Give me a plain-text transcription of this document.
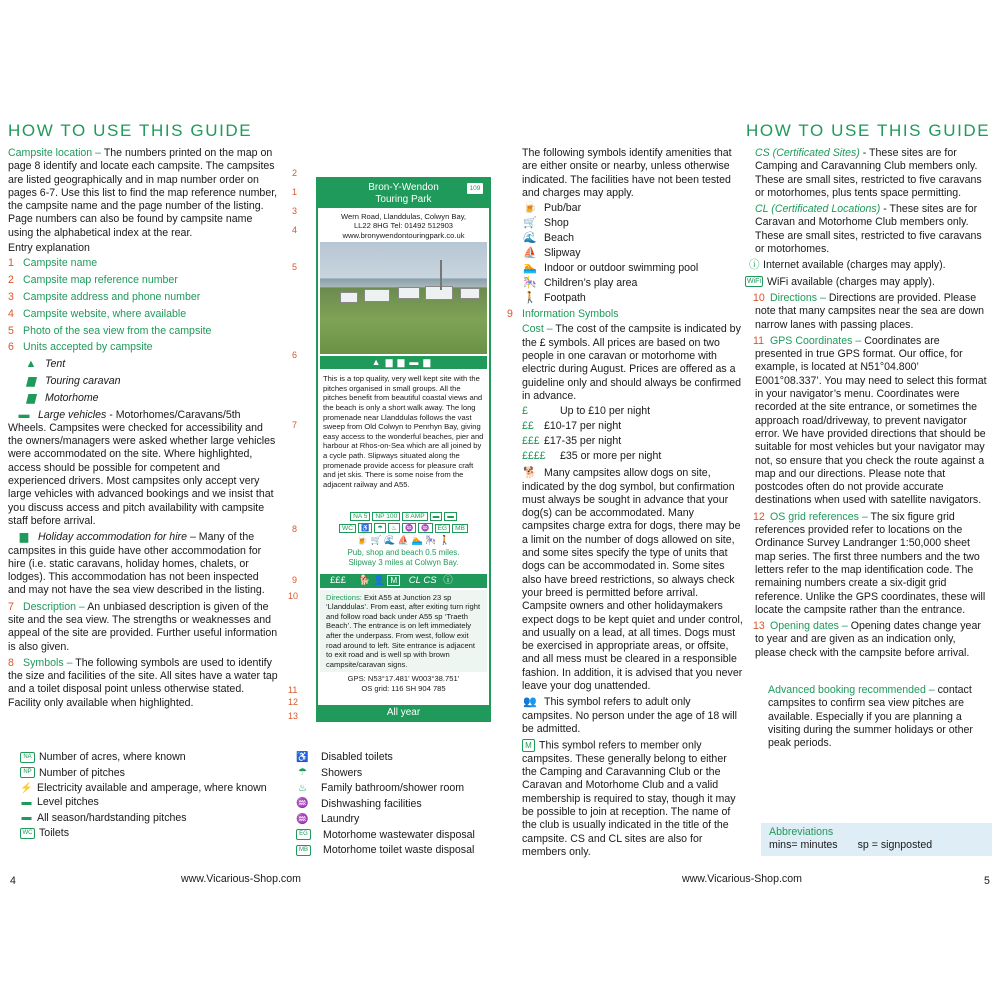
HOW TO USE THIS GUIDE	HOW TO USE THIS GUIDE

Campsite location – The numbers printed on the map on page 8 identify and locate each campsite. The campsites are listed geographically and in map number order on pages 6-7. Use this list to find the map reference number, the campsite name and the page number of the listing. Page numbers can also be found by campsite name using the alphabetical index at the rear.

Entry explanation

1 Campsite name
2 Campsite map reference number
3 Campsite address and phone number
4 Campsite website, where available
5 Photo of the sea view from the campsite
6 Units accepted by campsite
▲ Tent
▆ Touring caravan
▆ Motorhome

▬ Large vehicles - Motorhomes/Caravans/5th Wheels. Campsites were checked for accessibility and the owners/managers were asked whether large vehicles were accommodated on the site. Where highlighted, access should be possible for competent and experienced drivers. Most campsites only accept very large vehicles with advanced bookings and we insist that you discuss access and pitch availability with campsite staff before arrival.

▆ Holiday accommodation for hire – Many of the campsites in this guide have other accommodation for hire (i.e. static caravans, holiday homes, chalets, or lodges). This accommodation has not been inspected and may not have the sea view described in the listing.

7 Description – An unbiased description is given of the site and the sea view. The strengths or weaknesses and appeal of the site are provided. Further useful information is also given.

8 Symbols – The following symbols are used to identify the size and facilities of the site. All sites have a water tap and a toilet disposal point unless otherwise stated. Facility only available when highlighted.

NA Number of acres, where known
NP Number of pitches
⚡ Electricity available and amperage, where known
▬ Level pitches
▬ All season/hardstanding pitches
WC Toilets
♿ Disabled toilets
☂ Showers
♨ Family bathroom/shower room
♒ Dishwashing facilities
♒ Laundry
EG Motorhome wastewater disposal
MB Motorhome toilet waste disposal
2
1
3
4
5
6
7
8
9
10
11
12
13
Bron-Y-Wendon
Touring Park
109
Wern Road, Llanddulas, Colwyn Bay,
LL22 8HG Tel: 01492 512903
www.bronywendontouringpark.co.uk
▲▆▆▬▆
This is a top quality, very well kept site with the pitches organised in small groups. All the pitches benefit from beautiful coastal views and the beach is only a short walk away. The long promenade near Llanddulas follows the vast sweep from Old Colwyn to Penrhyn Bay, giving easy access to the wonderful beaches, pier and harbour at Rhos-on-Sea which are all joined by a cycle path. Slipways situated along the promenade provide access for pleasure craft and jet skis. There is some noise from the adjacent railway and A55.
NA 5 NP 100 8 AMP ▬ ▬
WC ♿ ☂ ♨ ♒ ♒ EG MB
🍺 🛒 🌊 ⛵ 🏊 🎠 🚶
Pub, shop and beach 0.5 miles.
Slipway 3 miles at Colwyn Bay.
£££ 🐕 👤 M CL CS ⓘ
Directions: Exit A55 at Junction 23 sp ‘Llanddulas’. From east, after exiting turn right and follow road back under A55 sp ‘Traeth Beach’. The entrance is on left immediately after the underpass. From west, follow exit road around to left. Site entrance is adjacent to exit road and is well sp with brown campsite/caravan signs.
GPS: N53°17.481’ W003°38.751’
OS grid: 116 SH 904 785
All year

The following symbols identify amenities that are either onsite or nearby, unless otherwise indicated. The facilities have not been tested and charges may apply.

🍺 Pub/bar
🛒 Shop
🌊 Beach
⛵ Slipway
🏊 Indoor or outdoor swimming pool
🎠 Children’s play area
🚶 Footpath

9 Information Symbols

Cost – The cost of the campsite is indicated by the £ symbols. All prices are based on two people in one caravan or motorhome with electric during August. Prices are offered as a guideline only and should always be confirmed in advance.

£	Up to £10 per night
££ £10-17 per night
£££ £17-35 per night
££££ £35 or more per night

🐕 Many campsites allow dogs on site, indicated by the dog symbol, but confirmation must always be sought in advance that your dog(s) can be accommodated. Many campsites charge extra for dogs, there may be a limit on the number of dogs allowed on site, and some sites specify the type of units that dogs can be accommodated in. Some sites also have breed restrictions, so always check your breed is permitted before arrival. Campsite owners and other holidaymakers expect dogs to be kept quiet and under control, and usually on a lead, at all times. Dogs must be exercised in appropriate areas, or offsite, and all mess must be cleared in a responsible fashion. In addition, it is advised that you never leave your dog unattended.

👥 This symbol refers to adult only campsites. No person under the age of 18 will be admitted.

M This symbol refers to member only campsites. These generally belong to either the Camping and Caravanning Club or the Caravan and Motorhome Club and a valid membership is required to stay, though it may be possible to join at reception. The name of the club is usually indicated in the title of the campsite. CS and CL sites are also for members only.

CS (Certificated Sites) - These sites are for Camping and Caravanning Club members only. These are small sites, restricted to five caravans or motorhomes, plus tents space permitting.

CL (Certificated Locations) - These sites are for Caravan and Motorhome Club members only. These are small sites, restricted to five caravans or motorhomes.

ⓘ Internet available (charges may apply).

WiFi WiFi available (charges may apply).

10 Directions – Directions are provided. Please note that many campsites near the sea are down narrow lanes with passing places.

11 GPS Coordinates – Coordinates are presented in true GPS format. Our office, for example, is located at N51°04.800’ E001°08.337’. You may need to select this format in your navigator’s menu. Coordinates were recorded at the site entrance, or sometimes the approach road/driveway, to prevent navigator error. We have provided directions that should be suitable for most vehicles but your navigator may not, so ensure that you check the route against a map and our directions. Please note that postcodes often do not provide accurate destinations when used with satellite navigators.

12 OS grid references – The six figure grid references provided refer to locations on the Ordinance Survey Landranger 1:50,000 sheet map series. The first three numbers and the two letters refer to the map identification code. The remaining numbers create a six-digit grid reference. Unlike the GPS coordinates, these will locate the campsite rather than the entrance.

13 Opening dates – Opening dates change year to year and are given as an indication only, please check with the campsite before arrival.

Advanced booking recommended – contact campsites to confirm sea view pitches are available. Especially if you are planning a visiting during the summer holidays or other peak periods.

Abbreviations
mins= minutes sp = signposted
4	www.Vicarious-Shop.com	www.Vicarious-Shop.com	5
